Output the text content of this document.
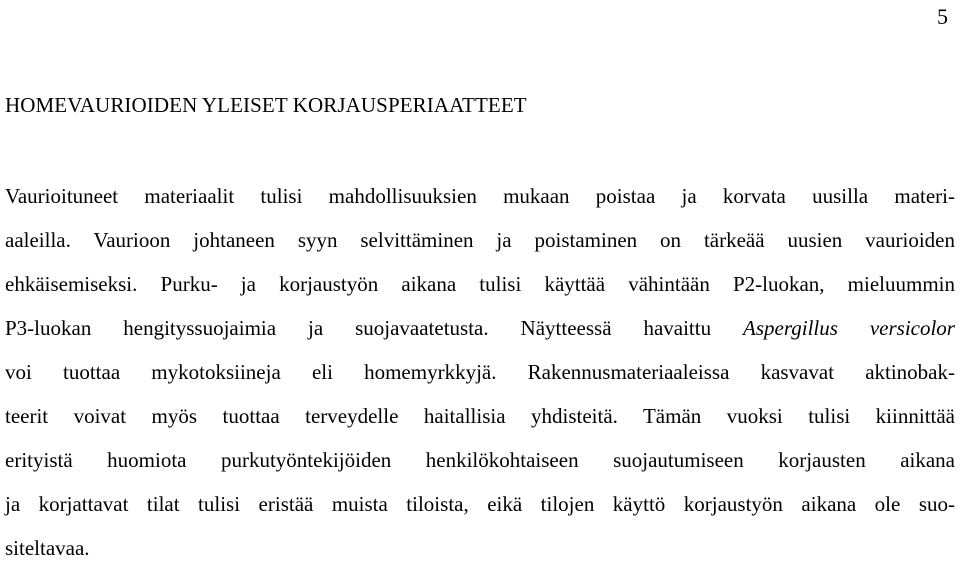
5
HOMEVAURIOIDEN YLEISET KORJAUSPERIAATTEET
Vaurioituneet materiaalit tulisi mahdollisuuksien mukaan poistaa ja korvata uusilla materi-
aaleilla. Vaurioon johtaneen syyn selvittäminen ja poistaminen on tärkeää uusien vaurioiden
ehkäisemiseksi. Purku- ja korjaustyön aikana tulisi käyttää vähintään P2-luokan, mieluummin
P3-luokan hengityssuojaimia ja suojavaatetusta. Näytteessä havaittu Aspergillus versicolor
voi tuottaa mykotoksiineja eli homemyrkkyjä. Rakennusmateriaaleissa kasvavat aktinobak-
teerit voivat myös tuottaa terveydelle haitallisia yhdisteitä. Tämän vuoksi tulisi kiinnittää
erityistä huomiota purkutyöntekijöiden henkilökohtaiseen suojautumiseen korjausten aikana
ja korjattavat tilat tulisi eristää muista tiloista, eikä tilojen käyttö korjaustyön aikana ole suo-
siteltavaa.
